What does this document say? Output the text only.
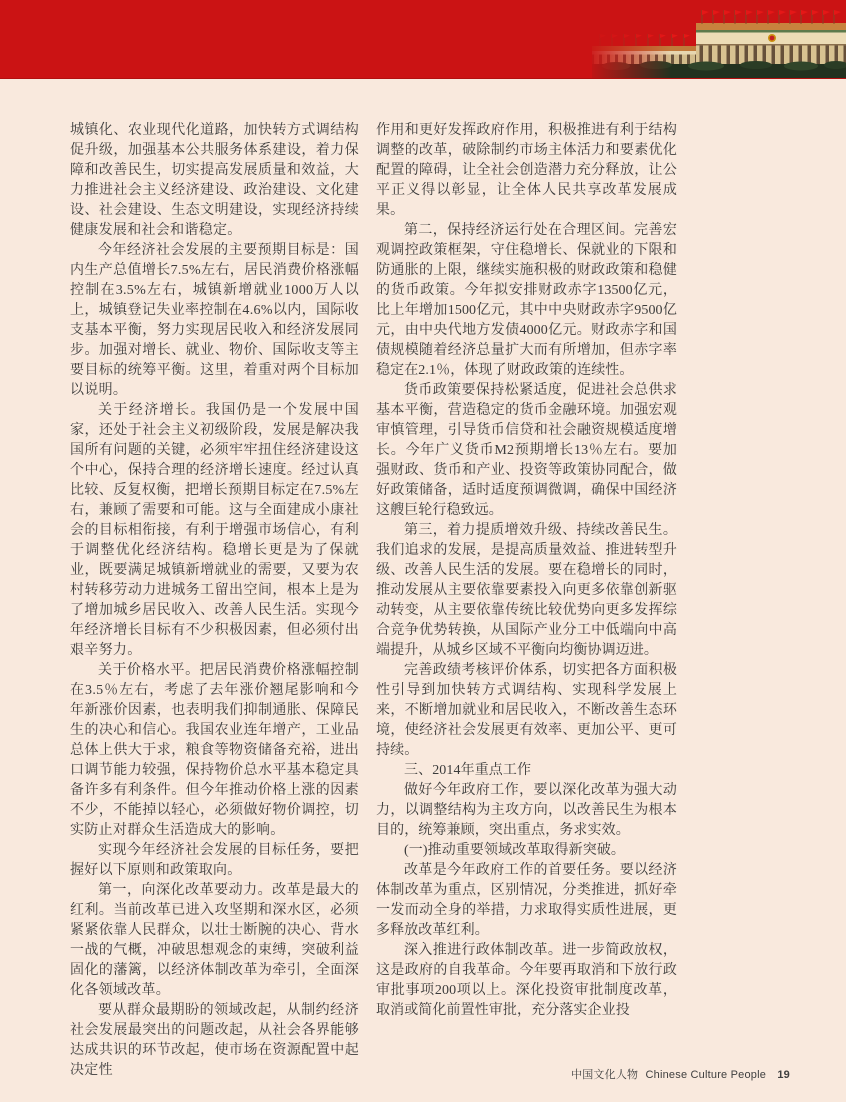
城镇化、农业现代化道路，加快转方式调结构促升级，加强基本公共服务体系建设，着力保障和改善民生，切实提高发展质量和效益，大力推进社会主义经济建设、政治建设、文化建设、社会建设、生态文明建设，实现经济持续健康发展和社会和谐稳定。

今年经济社会发展的主要预期目标是：国内生产总值增长7.5%左右，居民消费价格涨幅控制在3.5%左右，城镇新增就业1000万人以上，城镇登记失业率控制在4.6%以内，国际收支基本平衡，努力实现居民收入和经济发展同步。加强对增长、就业、物价、国际收支等主要目标的统筹平衡。这里，着重对两个目标加以说明。

关于经济增长。我国仍是一个发展中国家，还处于社会主义初级阶段，发展是解决我国所有问题的关键，必须牢牢扭住经济建设这个中心，保持合理的经济增长速度。经过认真比较、反复权衡，把增长预期目标定在7.5%左右，兼顾了需要和可能。这与全面建成小康社会的目标相衔接，有利于增强市场信心，有利于调整优化经济结构。稳增长更是为了保就业，既要满足城镇新增就业的需要，又要为农村转移劳动力进城务工留出空间，根本上是为了增加城乡居民收入、改善人民生活。实现今年经济增长目标有不少积极因素，但必须付出艰辛努力。

关于价格水平。把居民消费价格涨幅控制在3.5％左右，考虑了去年涨价翘尾影响和今年新涨价因素，也表明我们抑制通胀、保障民生的决心和信心。我国农业连年增产，工业品总体上供大于求，粮食等物资储备充裕，进出口调节能力较强，保持物价总水平基本稳定具备许多有利条件。但今年推动价格上涨的因素不少，不能掉以轻心，必须做好物价调控，切实防止对群众生活造成大的影响。

实现今年经济社会发展的目标任务，要把握好以下原则和政策取向。

第一，向深化改革要动力。改革是最大的红利。当前改革已进入攻坚期和深水区，必须紧紧依靠人民群众，以壮士断腕的决心、背水一战的气概，冲破思想观念的束缚，突破利益固化的藩篱，以经济体制改革为牵引，全面深化各领域改革。

要从群众最期盼的领域改起，从制约经济社会发展最突出的问题改起，从社会各界能够达成共识的环节改起，使市场在资源配置中起决定性

作用和更好发挥政府作用，积极推进有利于结构调整的改革，破除制约市场主体活力和要素优化配置的障碍，让全社会创造潜力充分释放，让公平正义得以彰显，让全体人民共享改革发展成果。

第二，保持经济运行处在合理区间。完善宏观调控政策框架，守住稳增长、保就业的下限和防通胀的上限，继续实施积极的财政政策和稳健的货币政策。今年拟安排财政赤字13500亿元，比上年增加1500亿元，其中中央财政赤字9500亿元，由中央代地方发债4000亿元。财政赤字和国债规模随着经济总量扩大而有所增加，但赤字率稳定在2.1％，体现了财政政策的连续性。

货币政策要保持松紧适度，促进社会总供求基本平衡，营造稳定的货币金融环境。加强宏观审慎管理，引导货币信贷和社会融资规模适度增长。今年广义货币M2预期增长13％左右。要加强财政、货币和产业、投资等政策协同配合，做好政策储备，适时适度预调微调，确保中国经济这艘巨轮行稳致远。

第三，着力提质增效升级、持续改善民生。我们追求的发展，是提高质量效益、推进转型升级、改善人民生活的发展。要在稳增长的同时，推动发展从主要依靠要素投入向更多依靠创新驱动转变，从主要依靠传统比较优势向更多发挥综合竞争优势转换，从国际产业分工中低端向中高端提升，从城乡区域不平衡向均衡协调迈进。

完善政绩考核评价体系，切实把各方面积极性引导到加快转方式调结构、实现科学发展上来，不断增加就业和居民收入，不断改善生态环境，使经济社会发展更有效率、更加公平、更可持续。

三、2014年重点工作

做好今年政府工作，要以深化改革为强大动力，以调整结构为主攻方向，以改善民生为根本目的，统筹兼顾，突出重点，务求实效。

(一)推动重要领域改革取得新突破。

改革是今年政府工作的首要任务。要以经济体制改革为重点，区别情况，分类推进，抓好牵一发而动全身的举措，力求取得实质性进展，更多释放改革红利。

深入推进行政体制改革。进一步简政放权，这是政府的自我革命。今年要再取消和下放行政审批事项200项以上。深化投资审批制度改革，取消或简化前置性审批，充分落实企业投

中国文化人物 Chinese Culture People 19
